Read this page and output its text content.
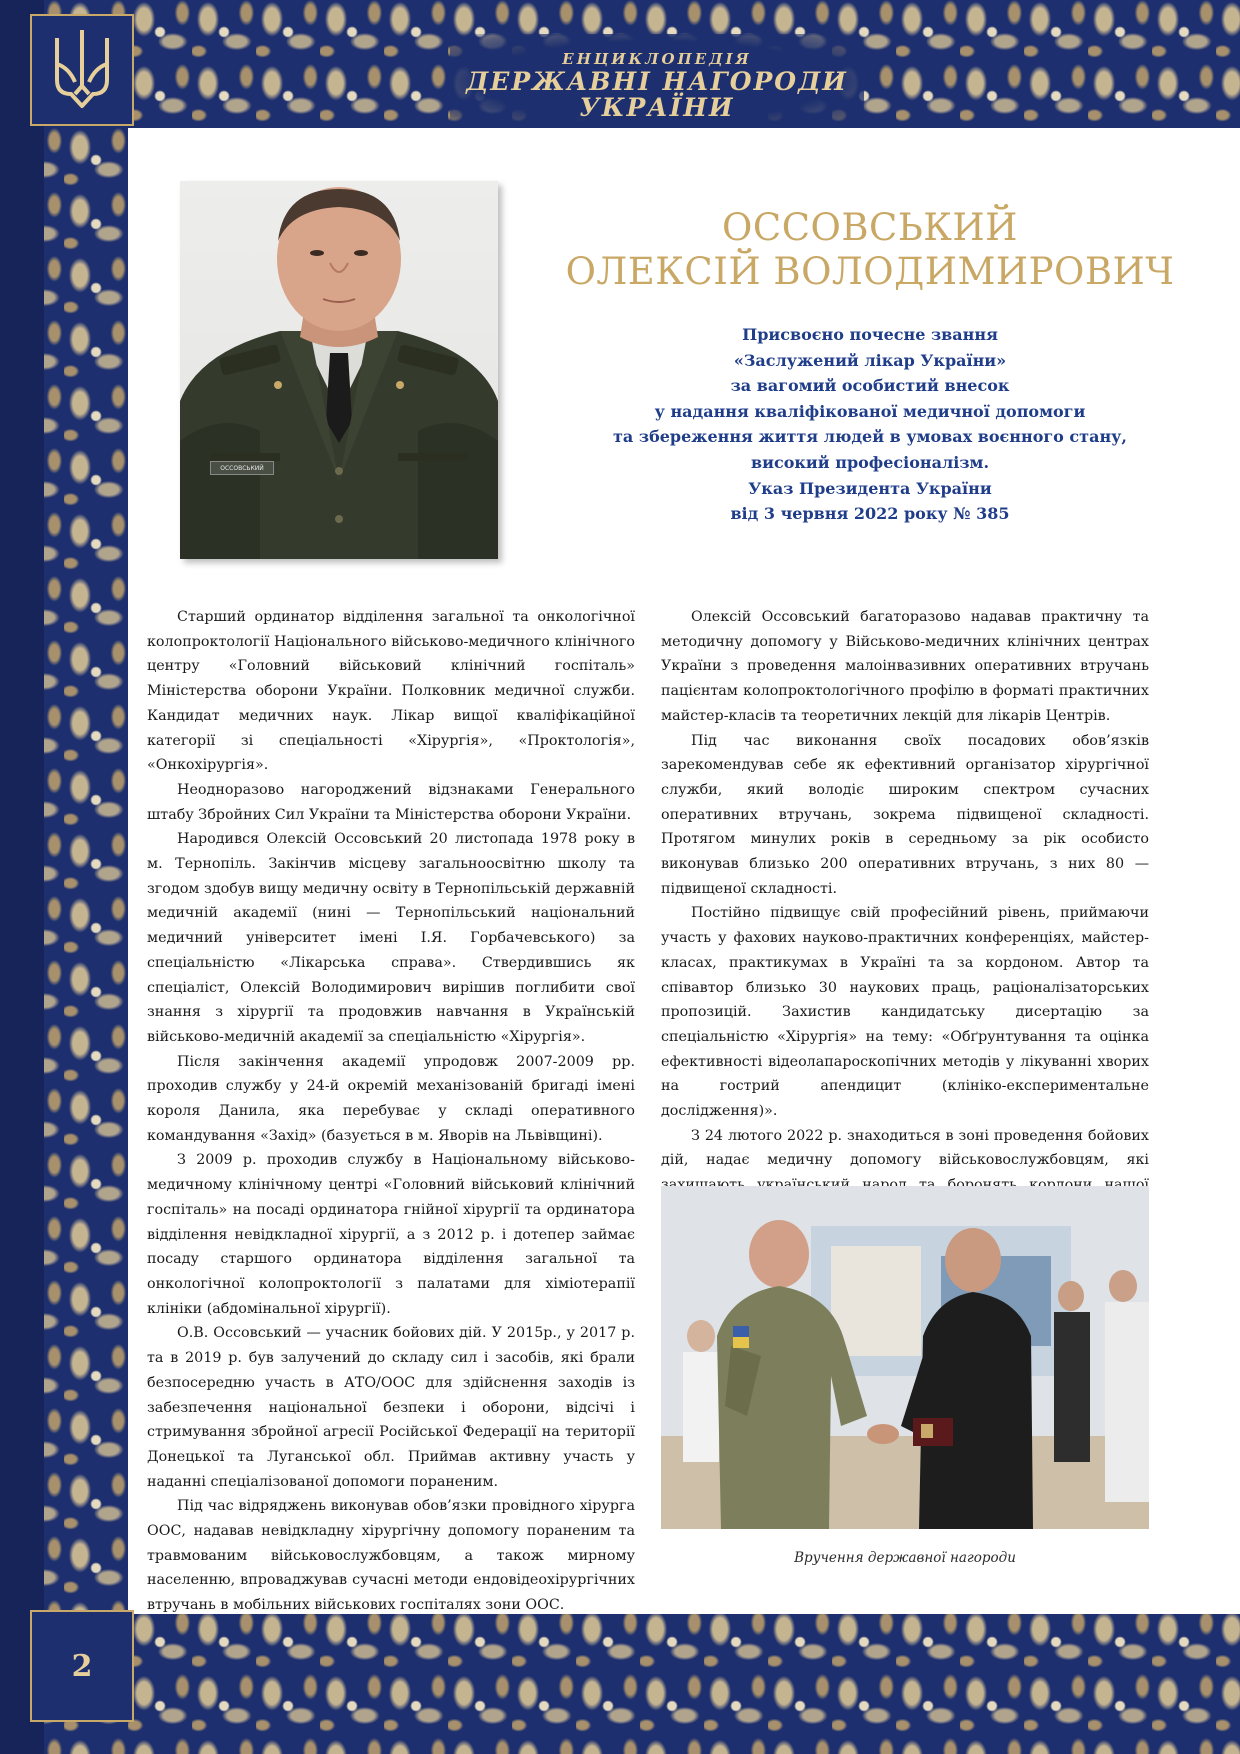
ЕНЦИКЛОПЕДІЯ
ДЕРЖАВНІ НАГОРОДИ
УКРАЇНИ
2
ОССОВСЬКИЙ
ОССОВСЬКИЙ
ОЛЕКСІЙ ВОЛОДИМИРОВИЧ
Присвоєно почесне звання
«Заслужений лікар України»
за вагомий особистий внесок
у надання кваліфікованої медичної допомоги
та збереження життя людей в умовах воєнного стану,
високий професіоналізм.
Указ Президента України
від 3 червня 2022 року № 385

Старший ординатор відділення загальної та онкологічної колопроктології Національного військово-медичного клінічного центру «Головний військовий клінічний госпіталь» Міністерства оборони України. Полковник медичної служби. Кандидат медичних наук. Лікар вищої кваліфікаційної категорії зі спеціальності «Хірургія», «Проктологія», «Онкохірургія».

Неодноразово нагороджений відзнаками Генерального штабу Збройних Сил України та Міністерства оборони України.

Народився Олексій Оссовський 20 листопада 1978 року в м. Тернопіль. Закінчив місцеву загальноосвітню школу та згодом здобув вищу медичну освіту в Тернопільській державній медичній академії (нині — Тернопільський національний медичний університет імені І.Я. Горбачевського) за спеціальністю «Лікарська справа». Ствердившись як спеціаліст, Олексій Володимирович вирішив поглибити свої знання з хірургії та продовжив навчання в Українській військово-медичній академії за спеціальністю «Хірургія».

Після закінчення академії упродовж 2007-2009 рр. проходив службу у 24-й окремій механізованій бригаді імені короля Данила, яка перебуває у складі оперативного командування «Захід» (базується в м. Яворів на Львівщині).

З 2009 р. проходив службу в Національному військово-медичному клінічному центрі «Головний військовий клінічний госпіталь» на посаді ординатора гнійної хірургії та ординатора відділення невідкладної хірургії, а з 2012 р. і дотепер займає посаду старшого ординатора відділення загальної та онкологічної колопроктології з палатами для хіміотерапії клініки (абдомінальної хірургії).

О.В. Оссовський — учасник бойових дій. У 2015р., у 2017 р. та в 2019 р. був залучений до складу сил і засобів, які брали безпосередню участь в АТО/ООС для здійснення заходів із забезпечення національної безпеки і оборони, відсічі і стримування збройної агресії Російської Федерації на території Донецької та Луганської обл. Приймав активну участь у наданні спеціалізованої допомоги пораненим.

Під час відряджень виконував обов’язки провідного хірурга ООС, надавав невідкладну хірургічну допомогу пораненим та травмованим військовослужбовцям, а також мирному населенню, впроваджував сучасні методи ендовідеохірургічних втручань в мобільних військових госпіталях зони ООС.

Олексій Оссовський багаторазово надавав практичну та методичну допомогу у Військово-медичних клінічних центрах України з проведення малоінвазивних оперативних втручань пацієнтам колопроктологічного профілю в форматі практичних майстер-класів та теоретичних лекцій для лікарів Центрів.

Під час виконання своїх посадових обов’язків зарекомендував себе як ефективний організатор хірургічної служби, який володіє широким спектром сучасних оперативних втручань, зокрема підвищеної складності. Протягом минулих років в середньому за рік особисто виконував близько 200 оперативних втручань, з них 80 — підвищеної складності.

Постійно підвищує свій професійний рівень, приймаючи участь у фахових науково-практичних конференціях, майстер-класах, практикумах в Україні та за кордоном. Автор та співавтор близько 30 наукових праць, раціоналізаторських пропозицій. Захистив кандидатську дисертацію за спеціальністю «Хірургія» на тему: «Обґрунтування та оцінка ефективності відеолапароскопічних методів у лікуванні хворих на гострий апендицит (клініко-експериментальне дослідження)».

З 24 лютого 2022 р. знаходиться в зоні проведення бойових дій, надає медичну допомогу військовослужбовцям, які

Вручення державної нагороди
